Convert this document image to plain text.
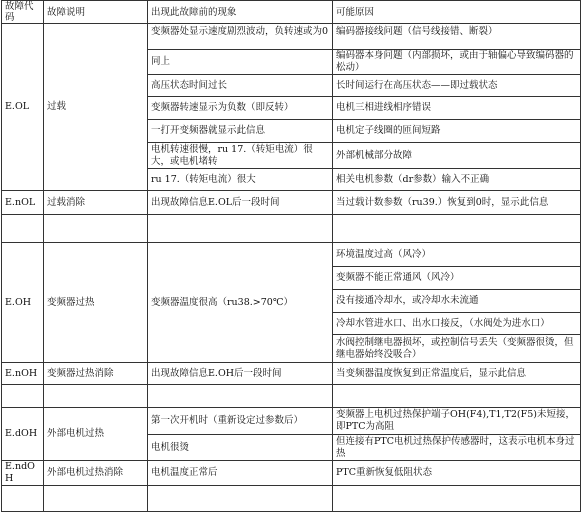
故障代码	故障说明	出现此故障前的现象	可能原因
E.OL	过载	变频器处显示速度剧烈波动，负转速或为0	编码器接线问题（信号线接错、断裂）
		同上	编码器本身问题（内部损坏，或由于轴偏心导致编码器的松动）
		高压状态时间过长	长时间运行在高压状态——即过载状态
		变频器转速显示为负数（即反转）	电机三相进线相序错误
		一打开变频器就显示此信息	电机定子线圈的匝间短路
		电机转速很慢，ru 17.（转矩电流）很大，或电机堵转	外部机械部分故障
		ru 17.（转矩电流）很大	相关电机参数（dr参数）输入不正确
E.nOL	过载消除	出现故障信息E.OL后一段时间	当过载计数参数（ru39.）恢复到0时，显示此信息

E.OH	变频器过热	变频器温度很高（ru38.>70℃）	环境温度过高（风冷）
			变频器不能正常通风（风冷）
			没有接通冷却水，或冷却水未流通
			冷却水管进水口、出水口接反，（水阀处为进水口）
			水阀控制继电器损坏，或控制信号丢失（变频器很烫，但继电器始终没吸合）
E.nOH	变频器过热消除	出现故障信息E.OH后一段时间	当变频器温度恢复到正常温度后，显示此信息

E.dOH	外部电机过热	第一次开机时（重新设定过参数后）	变频器上电机过热保护端子OH(F4),T1,T2(F5)未短接，即PTC为高阻
		电机很烫	但连接有PTC电机过热保护传感器时，这表示电机本身过热
E.ndOH	外部电机过热消除	电机温度正常后	PTC重新恢复低阻状态
